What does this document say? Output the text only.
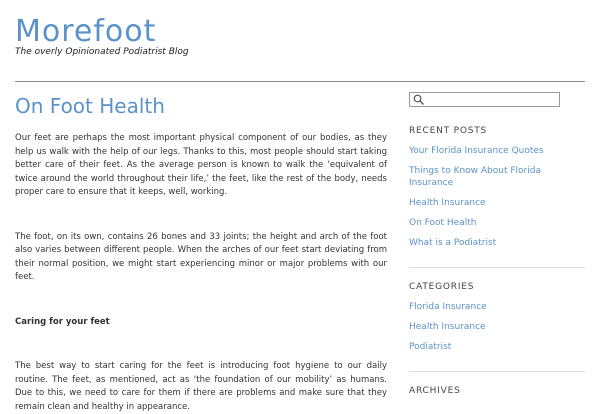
Morefoot
The overly Opinionated Podiatrist Blog
On Foot Health

Our feet are perhaps the most important physical component of our bodies, as they help us walk with the help of our legs. Thanks to this, most people should start taking better care of their feet. As the average person is known to walk the ‘equivalent of twice around the world throughout their life,’ the feet, like the rest of the body, needs proper care to ensure that it keeps, well, working.

The foot, on its own, contains 26 bones and 33 joints; the height and arch of the foot also varies between different people. When the arches of our feet start deviating from their normal position, we might start experiencing minor or major problems with our feet.

Caring for your feet

The best way to start caring for the feet is introducing foot hygiene to our daily routine. The feet, as mentioned, act as ‘the foundation of our mobility’ as humans. Due to this, we need to care for them if there are problems and make sure that they remain clean and healthy in appearance.

RECENT POSTS
Your Florida Insurance Quotes
Things to Know About Florida Insurance
Health Insurance
On Foot Health
What is a Podiatrist
CATEGORIES
Florida Insurance
Health Insurance
Podiatrist
ARCHIVES
